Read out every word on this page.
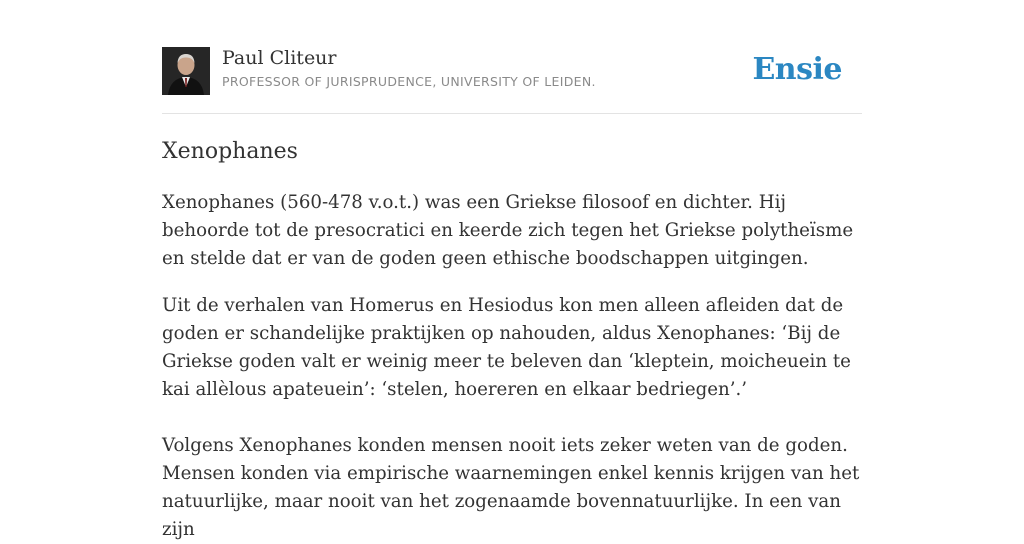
Paul Cliteur
PROFESSOR OF JURISPRUDENCE, UNIVERSITY OF LEIDEN.	Ensie
Xenophanes

Xenophanes (560-478 v.o.t.) was een Griekse filosoof en dichter. Hij behoorde tot de presocratici en keerde zich tegen het Griekse polytheïsme en stelde dat er van de goden geen ethische boodschappen uitgingen.

Uit de verhalen van Homerus en Hesiodus kon men alleen afleiden dat de goden er schandelijke praktijken op nahouden, aldus Xenophanes: ‘Bij de Griekse goden valt er weinig meer te beleven dan ‘kleptein, moicheuein te kai allèlous apateuein’: ‘stelen, hoereren en elkaar bedriegen’.’

Volgens Xenophanes konden mensen nooit iets zeker weten van de goden. Mensen konden via empirische waarnemingen enkel kennis krijgen van het natuurlijke, maar nooit van het zogenaamde bovennatuurlijke. In een van zijn
